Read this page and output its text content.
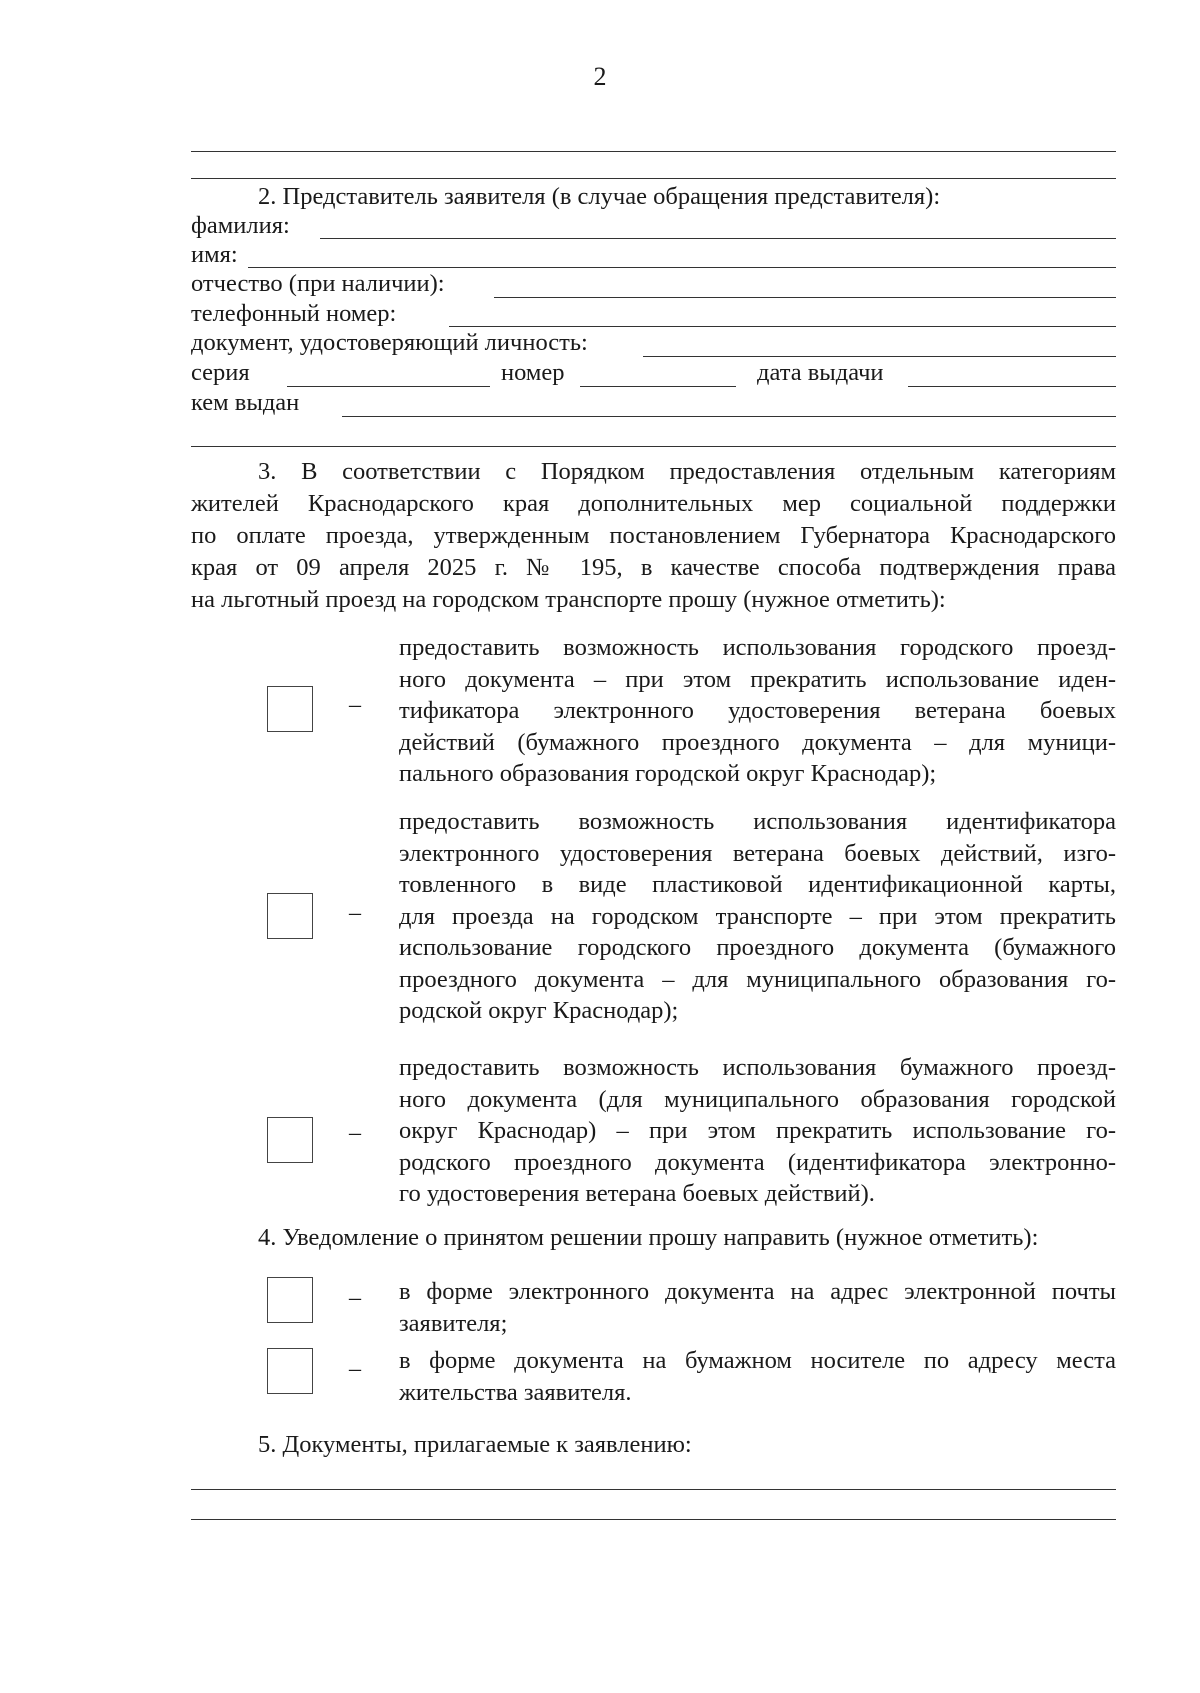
2
2. Представитель заявителя (в случае обращения представителя):
фамилия:
имя:
отчество (при наличии):
телефонный номер:
документ, удостоверяющий личность:
серия	номер	дата выдачи
кем выдан
3. В соответствии с Порядком предоставления отдельным категориям
жителей Краснодарского края дополнительных мер социальной поддержки
по оплате проезда, утвержденным постановлением Губернатора Краснодарского
края от 09 апреля 2025 г. № 195, в качестве способа подтверждения права
на льготный проезд на городском транспорте прошу (нужное отметить):
–
предоставить возможность использования городского проезд-
ного документа – при этом прекратить использование иден-
тификатора электронного удостоверения ветерана боевых
действий (бумажного проездного документа – для муници-
пального образования городской округ Краснодар);
–
предоставить возможность использования идентификатора
электронного удостоверения ветерана боевых действий, изго-
товленного в виде пластиковой идентификационной карты,
для проезда на городском транспорте – при этом прекратить
использование городского проездного документа (бумажного
проездного документа – для муниципального образования го-
родской округ Краснодар);
–
предоставить возможность использования бумажного проезд-
ного документа (для муниципального образования городской
округ Краснодар) – при этом прекратить использование го-
родского проездного документа (идентификатора электронно-
го удостоверения ветерана боевых действий).
4. Уведомление о принятом решении прошу направить (нужное отметить):
_ в форме электронного документа на адрес электронной почты
заявителя;
_ в форме документа на бумажном носителе по адресу места
жительства заявителя.
5. Документы, прилагаемые к заявлению:
